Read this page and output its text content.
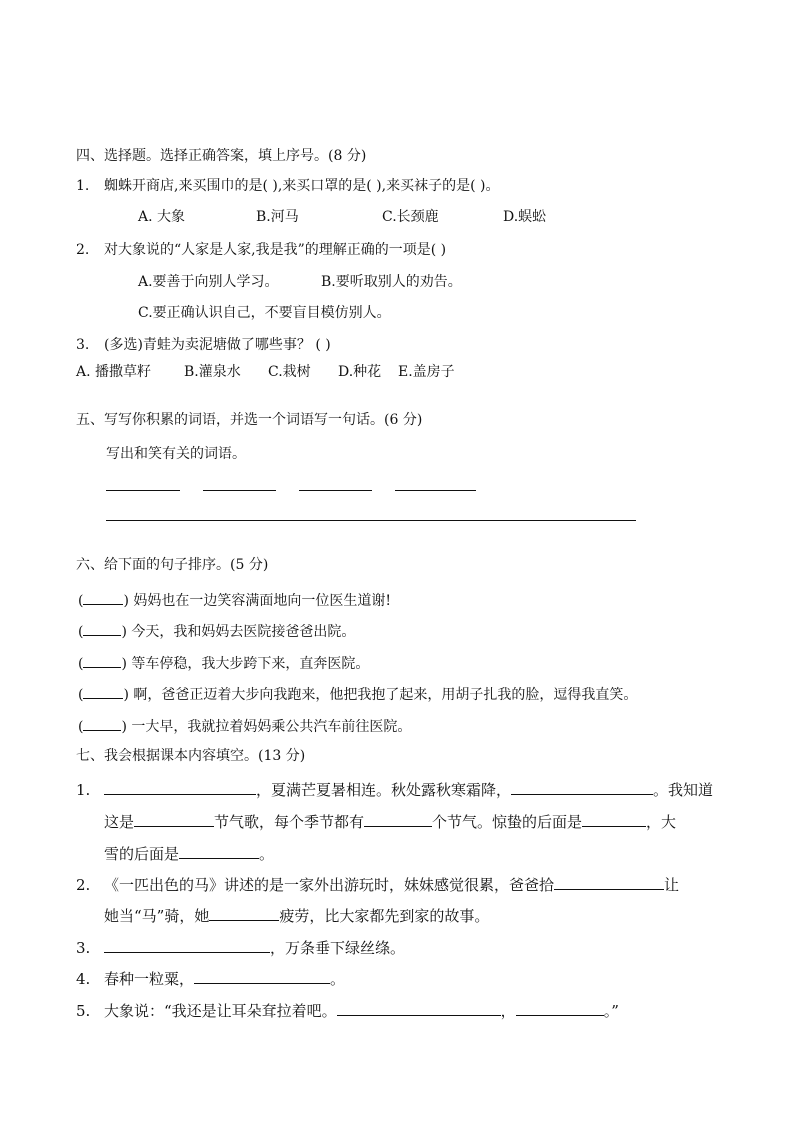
四、选择题。选择正确答案，填上序号。(8 分)
1. 蜘蛛开商店,来买围巾的是( ),来买口罩的是( ),来买袜子的是( )。
A. 大象	B.河马	C.长颈鹿	D.蜈蚣
2. 对大象说的“人家是人家,我是我”的理解正确的一项是( )
A.要善于向别人学习。	B.要听取别人的劝告。
C.要正确认识自己，不要盲目模仿别人。
3. (多选)青蛙为卖泥塘做了哪些事？ ( )
A. 播撒草籽 B.灌泉水 C.栽树 D.种花 E.盖房子
五、写写你积累的词语，并选一个词语写一句话。(6 分)
写出和笑有关的词语。
六、给下面的句子排序。(5 分)
(	) 妈妈也在一边笑容满面地向一位医生道谢!
(	) 今天，我和妈妈去医院接爸爸出院。
(	) 等车停稳，我大步跨下来，直奔医院。
(	) 啊，爸爸正迈着大步向我跑来，他把我抱了起来，用胡子扎我的脸，逗得我直笑。
(	) 一大早，我就拉着妈妈乘公共汽车前往医院。
七、我会根据课本内容填空。(13 分)
1.	，夏满芒夏暑相连。秋处露秋寒霜降，	。我知道
这是	节气歌，每个季节都有	个节气。惊蛰的后面是	，大
雪的后面是	。
2. 《一匹出色的马》讲述的是一家外出游玩时，妹妹感觉很累，爸爸拾	让
她当“马”骑，她	疲劳，比大家都先到家的故事。
3.	，万条垂下绿丝绦。
4. 春种一粒粟，	。
5. 大象说：“我还是让耳朵耷拉着吧。	，	。”
